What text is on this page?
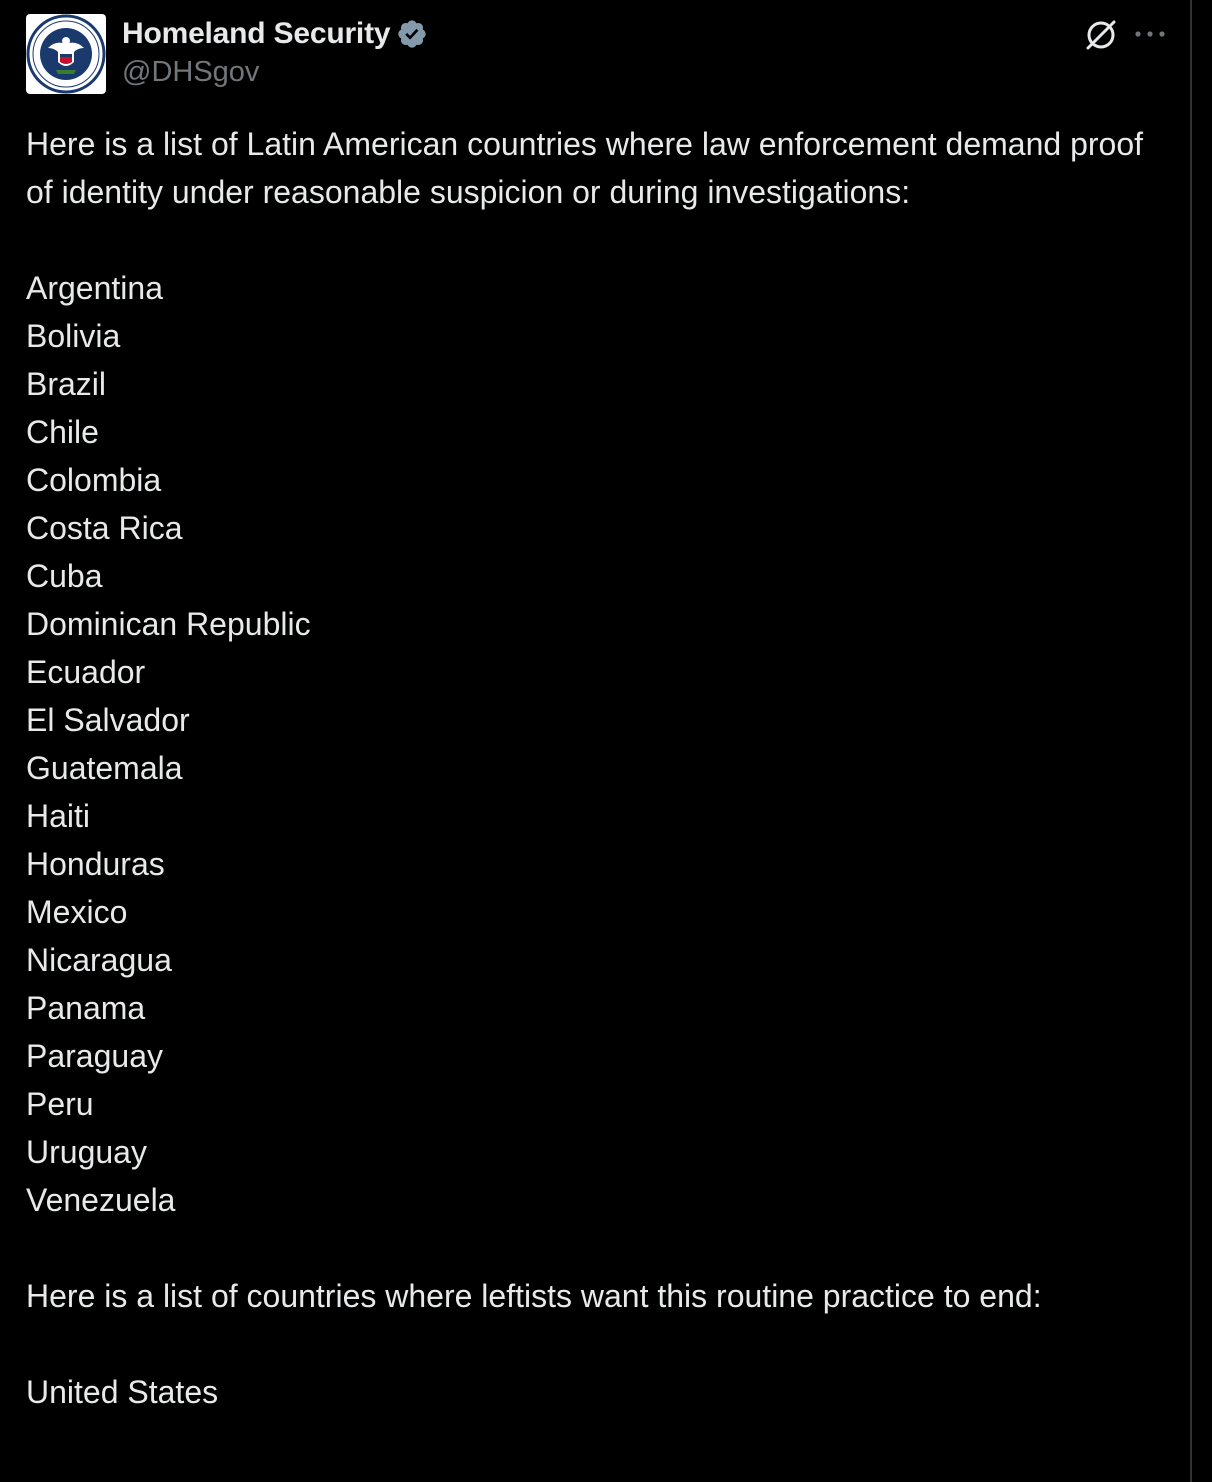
Homeland Security
@DHSgov

Here is a list of Latin American countries where law enforcement demand proof of identity under reasonable suspicion or during investigations:

Argentina
Bolivia
Brazil
Chile
Colombia
Costa Rica
Cuba
Dominican Republic
Ecuador
El Salvador
Guatemala
Haiti
Honduras
Mexico
Nicaragua
Panama
Paraguay
Peru
Uruguay
Venezuela

Here is a list of countries where leftists want this routine practice to end:

United States
